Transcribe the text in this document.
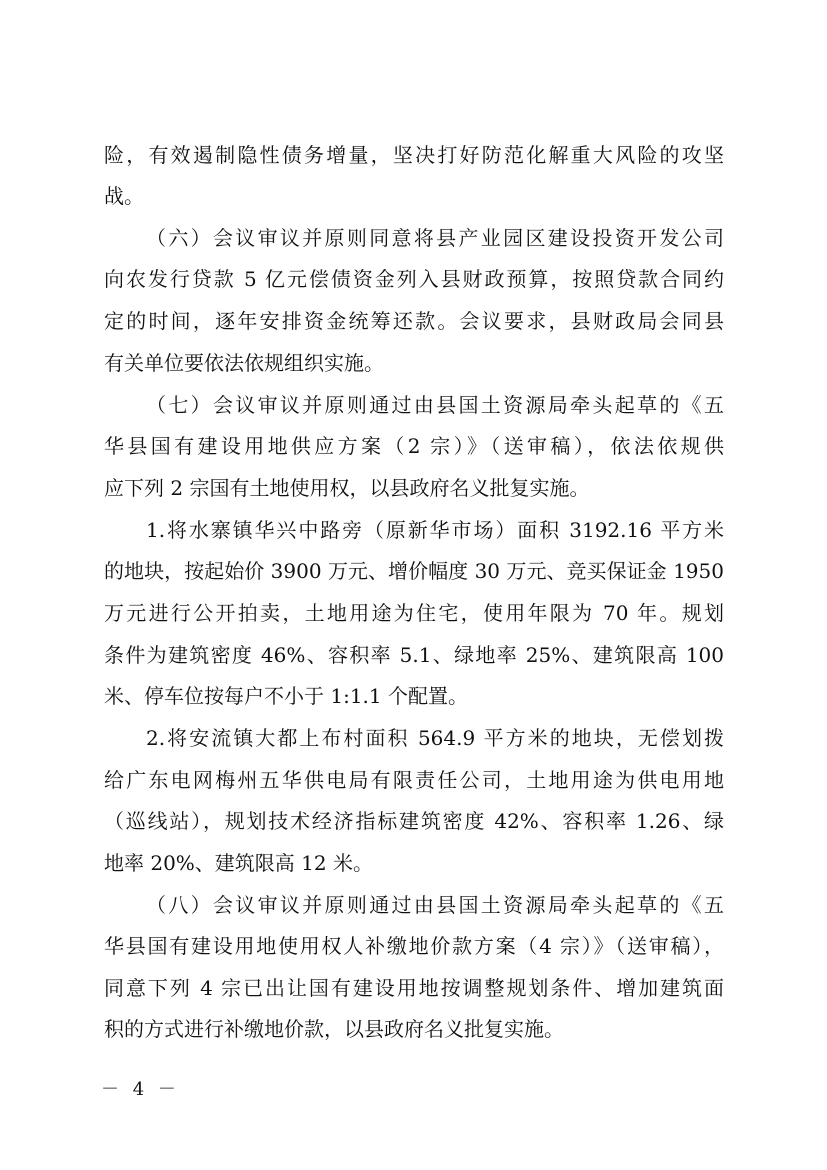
险，有效遏制隐性债务增量，坚决打好防范化解重大风险的攻坚
战。
（六）会议审议并原则同意将县产业园区建设投资开发公司
向农发行贷款 5 亿元偿债资金列入县财政预算，按照贷款合同约
定的时间，逐年安排资金统筹还款。会议要求，县财政局会同县
有关单位要依法依规组织实施。
（七）会议审议并原则通过由县国土资源局牵头起草的《五
华县国有建设用地供应方案（2 宗）》（送审稿），依法依规供
应下列 2 宗国有土地使用权，以县政府名义批复实施。
1.将水寨镇华兴中路旁（原新华市场）面积 3192.16 平方米
的地块，按起始价 3900 万元、增价幅度 30 万元、竞买保证金 1950
万元进行公开拍卖，土地用途为住宅，使用年限为 70 年。规划
条件为建筑密度 46%、容积率 5.1、绿地率 25%、建筑限高 100
米、停车位按每户不小于 1:1.1 个配置。
2.将安流镇大都上布村面积 564.9 平方米的地块，无偿划拨
给广东电网梅州五华供电局有限责任公司，土地用途为供电用地
（巡线站），规划技术经济指标建筑密度 42%、容积率 1.26、绿
地率 20%、建筑限高 12 米。
（八）会议审议并原则通过由县国土资源局牵头起草的《五
华县国有建设用地使用权人补缴地价款方案（4 宗）》（送审稿），
同意下列 4 宗已出让国有建设用地按调整规划条件、增加建筑面
积的方式进行补缴地价款，以县政府名义批复实施。
－ 4 －
